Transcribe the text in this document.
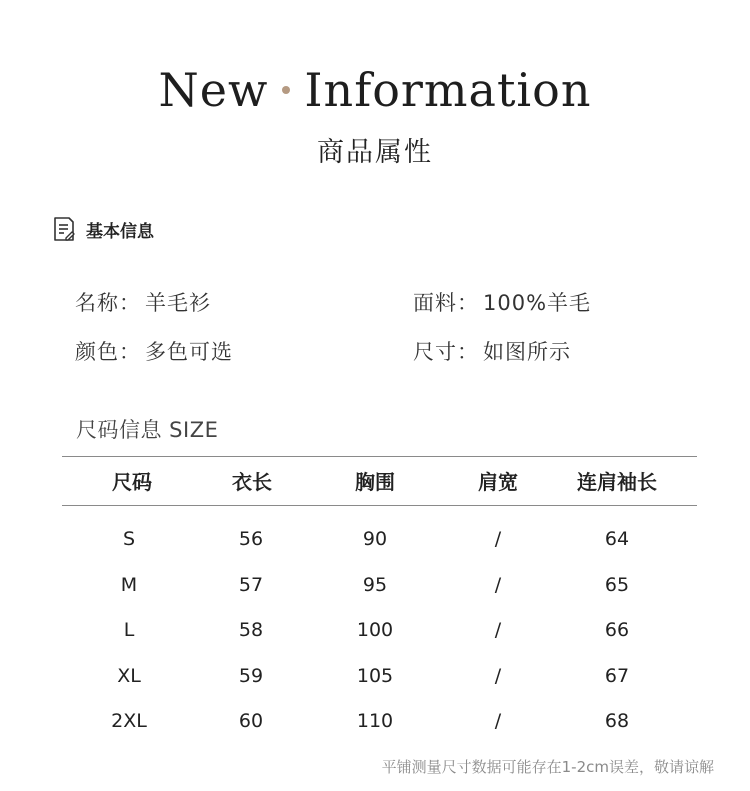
New Information
商品属性
基本信息
名称： 羊毛衫	面料： 100%羊毛
颜色： 多色可选	尺寸： 如图所示
尺码信息 SIZE
尺码	衣长	胸围	肩宽	连肩袖长
S	56	90	/	64
M	57	95	/	65
L	58	100	/	66
XL	59	105	/	67
2XL	60	110	/	68
平铺测量尺寸数据可能存在1-2cm误差，敬请谅解
